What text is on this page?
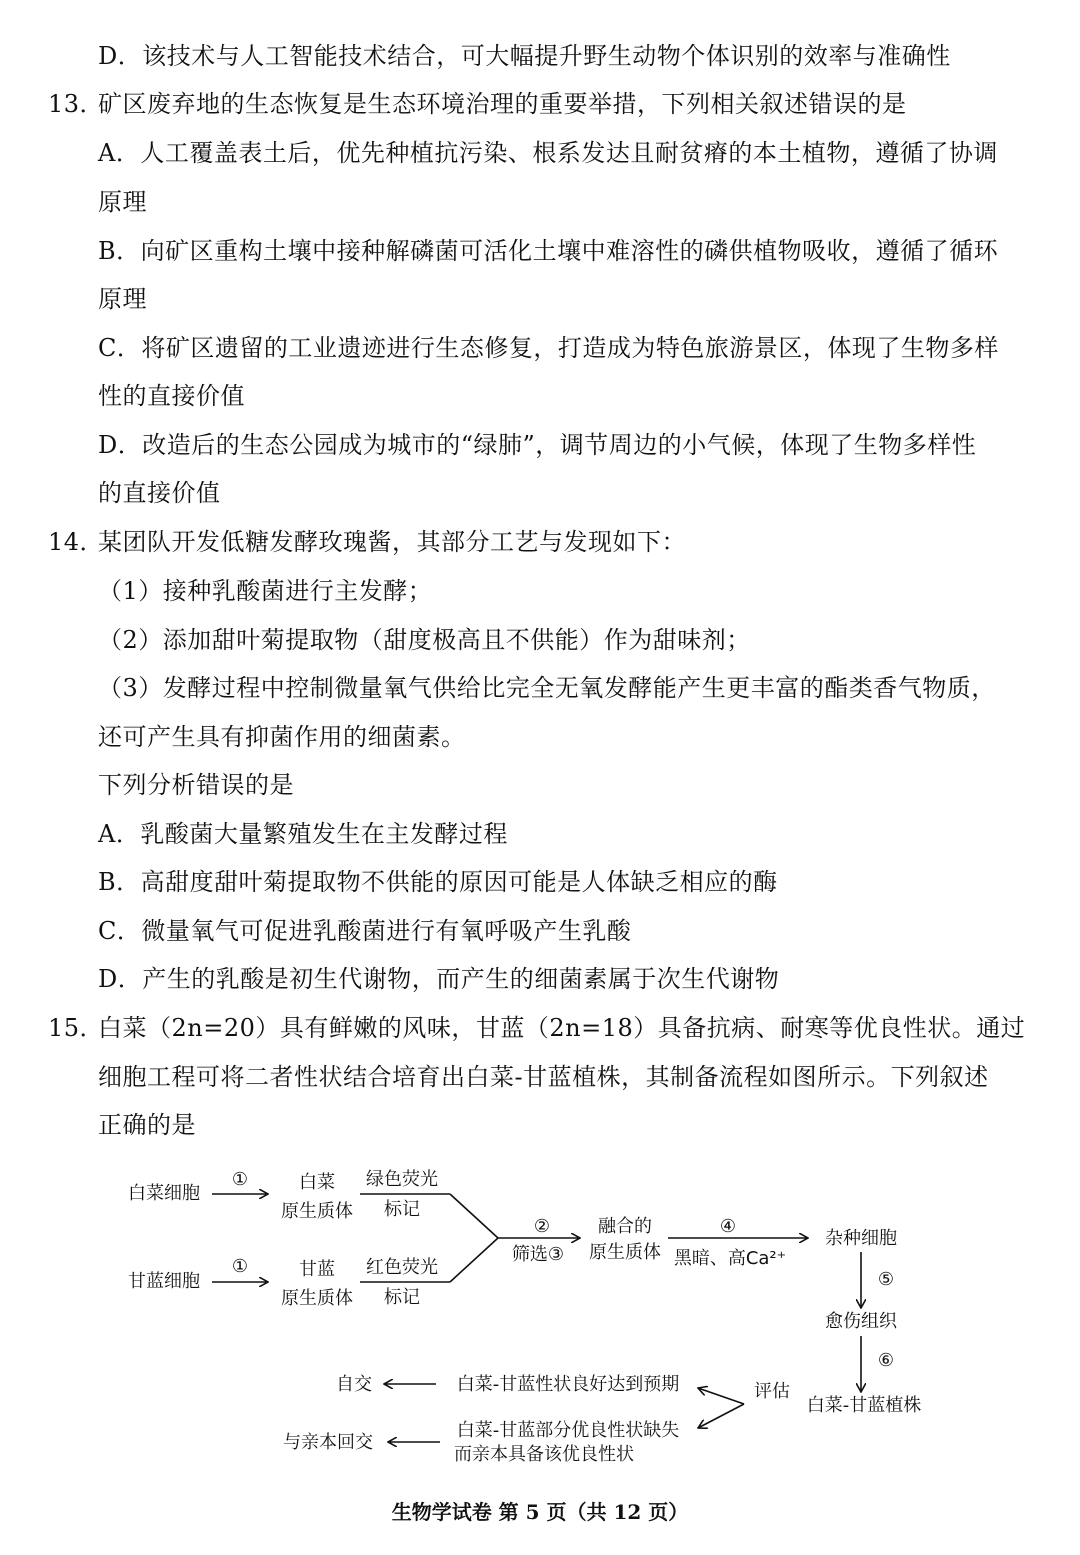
D．该技术与人工智能技术结合，可大幅提升野生动物个体识别的效率与准确性
13．
矿区废弃地的生态恢复是生态环境治理的重要举措，下列相关叙述错误的是
A．人工覆盖表土后，优先种植抗污染、根系发达且耐贫瘠的本土植物，遵循了协调
原理
B．向矿区重构土壤中接种解磷菌可活化土壤中难溶性的磷供植物吸收，遵循了循环
原理
C．将矿区遗留的工业遗迹进行生态修复，打造成为特色旅游景区，体现了生物多样
性的直接价值
D．改造后的生态公园成为城市的“绿肺”，调节周边的小气候，体现了生物多样性
的直接价值
14．
某团队开发低糖发酵玫瑰酱，其部分工艺与发现如下：
（1）接种乳酸菌进行主发酵；
（2）添加甜叶菊提取物（甜度极高且不供能）作为甜味剂；
（3）发酵过程中控制微量氧气供给比完全无氧发酵能产生更丰富的酯类香气物质，
还可产生具有抑菌作用的细菌素。
下列分析错误的是
A．乳酸菌大量繁殖发生在主发酵过程
B．高甜度甜叶菊提取物不供能的原因可能是人体缺乏相应的酶
C．微量氧气可促进乳酸菌进行有氧呼吸产生乳酸
D．产生的乳酸是初生代谢物，而产生的细菌素属于次生代谢物
15．
白菜（2n=20）具有鲜嫩的风味，甘蓝（2n=18）具备抗病、耐寒等优良性状。通过
细胞工程可将二者性状结合培育出白菜-甘蓝植株，其制备流程如图所示。下列叙述
正确的是
白菜细胞
①	白菜
原生质体
绿色荧光
标记
甘蓝细胞
①	甘蓝
原生质体
红色荧光
标记
②
筛选③
融合的
原生质体
④
黑暗、高Ca²⁺
杂种细胞
⑤
愈伤组织
⑥
白菜-甘蓝植株
评估
白菜-甘蓝性状良好达到预期
自交
白菜-甘蓝部分优良性状缺失
而亲本具备该优良性状
与亲本回交
生物学试卷 第 5 页（共 12 页）
